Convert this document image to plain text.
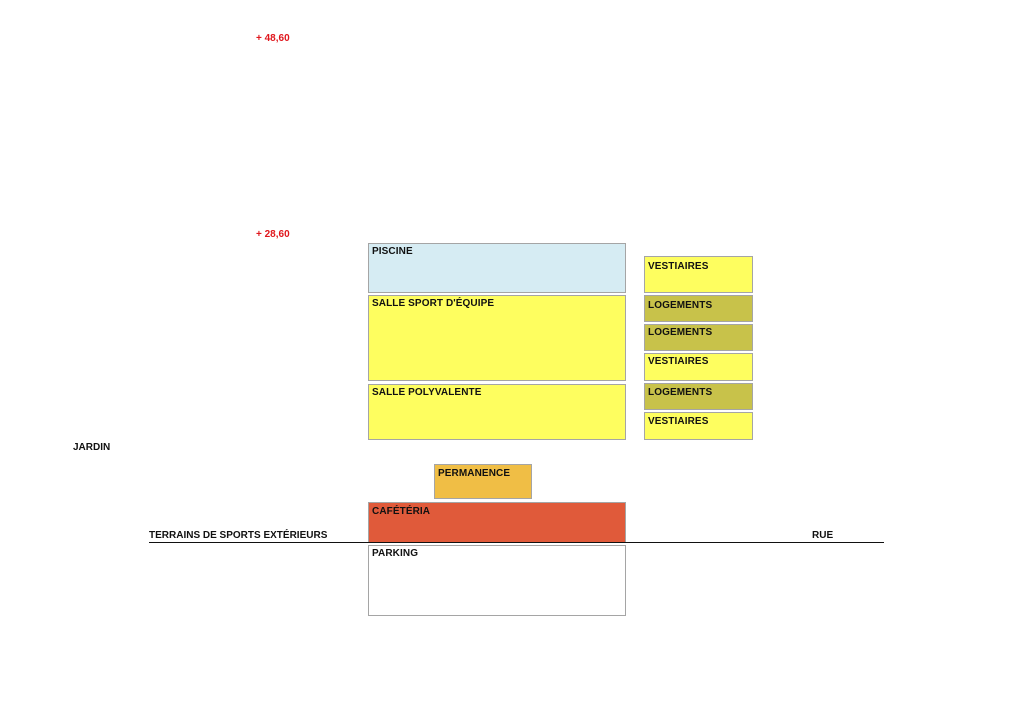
+ 48,60
+ 28,60
PISCINE
SALLE SPORT D'ÉQUIPE
SALLE POLYVALENTE
VESTIAIRES
LOGEMENTS
LOGEMENTS
VESTIAIRES
LOGEMENTS
VESTIAIRES
PERMANENCE
CAFÉTÉRIA
PARKING
JARDIN
TERRAINS DE SPORTS EXTÉRIEURS	RUE
